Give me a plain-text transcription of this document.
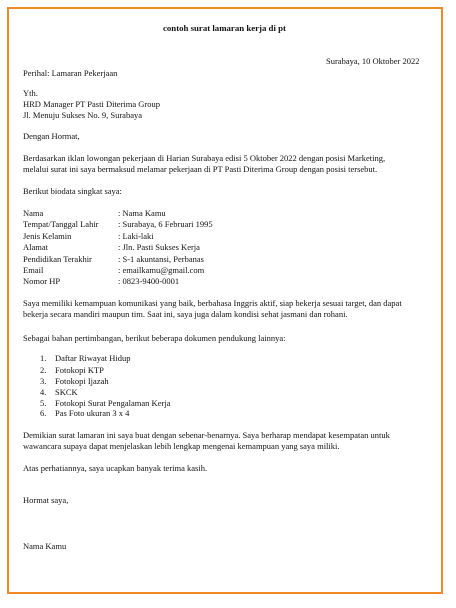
contoh surat lamaran kerja di pt
Surabaya, 10 Oktober 2022
Perihal: Lamaran Pekerjaan
Yth.
HRD Manager PT Pasti Diterima Group
Jl. Menuju Sukses No. 9, Surabaya
Dengan Hormat,
Berdasarkan iklan lowongan pekerjaan di Harian Surabaya edisi 5 Oktober 2022 dengan posisi Marketing,
melalui surat ini saya bermaksud melamar pekerjaan di PT Pasti Diterima Group dengan posisi tersebut.
Berikut biodata singkat saya:
Nama	: Nama Kamu
Tempat/Tanggal Lahir : Surabaya, 6 Februari 1995
Jenis Kelamin	: Laki-laki
Alamat	: Jln. Pasti Sukses Kerja
Pendidikan Terakhir	: S-1 akuntansi, Perbanas
Email	: emailkamu@gmail.com
Nomor HP	: 0823-9400-0001
Saya memiliki kemampuan komunikasi yang baik, berbahasa Inggris aktif, siap bekerja sesuai target, dan dapat
bekerja secara mandiri maupun tim. Saat ini, saya juga dalam kondisi sehat jasmani dan rohani.
Sebagai bahan pertimbangan, berikut beberapa dokumen pendukung lainnya:
1. Daftar Riwayat Hidup
2. Fotokopi KTP
3. Fotokopi Ijazah
4. SKCK
5. Fotokopi Surat Pengalaman Kerja
6. Pas Foto ukuran 3 x 4
Demikian surat lamaran ini saya buat dengan sebenar-benarnya. Saya berharap mendapat kesempatan untuk
wawancara supaya dapat menjelaskan lebih lengkap mengenai kemampuan yang saya miliki.
Atas perhatiannya, saya ucapkan banyak terima kasih.
Hormat saya,
Nama Kamu
